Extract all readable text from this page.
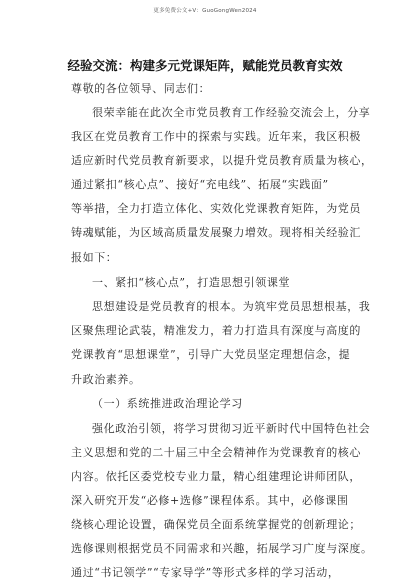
更多免费公文+V：GuoGongWen2024
经验交流：构建多元党课矩阵，赋能党员教育实效
尊敬的各位领导、同志们：
很荣幸能在此次全市党员教育工作经验交流会上，分享
我区在党员教育工作中的探索与实践。近年来，我区积极
适应新时代党员教育新要求，以提升党员教育质量为核心，
通过紧扣“核心点”、接好“充电线”、拓展“实践面”
等举措，全力打造立体化、实效化党课教育矩阵，为党员
铸魂赋能，为区域高质量发展聚力增效。现将相关经验汇
报如下：
一、紧扣“核心点”，打造思想引领课堂
思想建设是党员教育的根本。为筑牢党员思想根基，我
区聚焦理论武装，精准发力，着力打造具有深度与高度的
党课教育“思想课堂”，引导广大党员坚定理想信念，提
升政治素养。
（一）系统推进政治理论学习
强化政治引领，将学习贯彻习近平新时代中国特色社会
主义思想和党的二十届三中全会精神作为党课教育的核心
内容。依托区委党校专业力量，精心组建理论讲师团队，
深入研究开发“必修+选修”课程体系。其中，必修课围
绕核心理论设置，确保党员全面系统掌握党的创新理论；
选修课则根据党员不同需求和兴趣，拓展学习广度与深度。
通过“书记领学”“专家导学”等形式多样的学习活动，
